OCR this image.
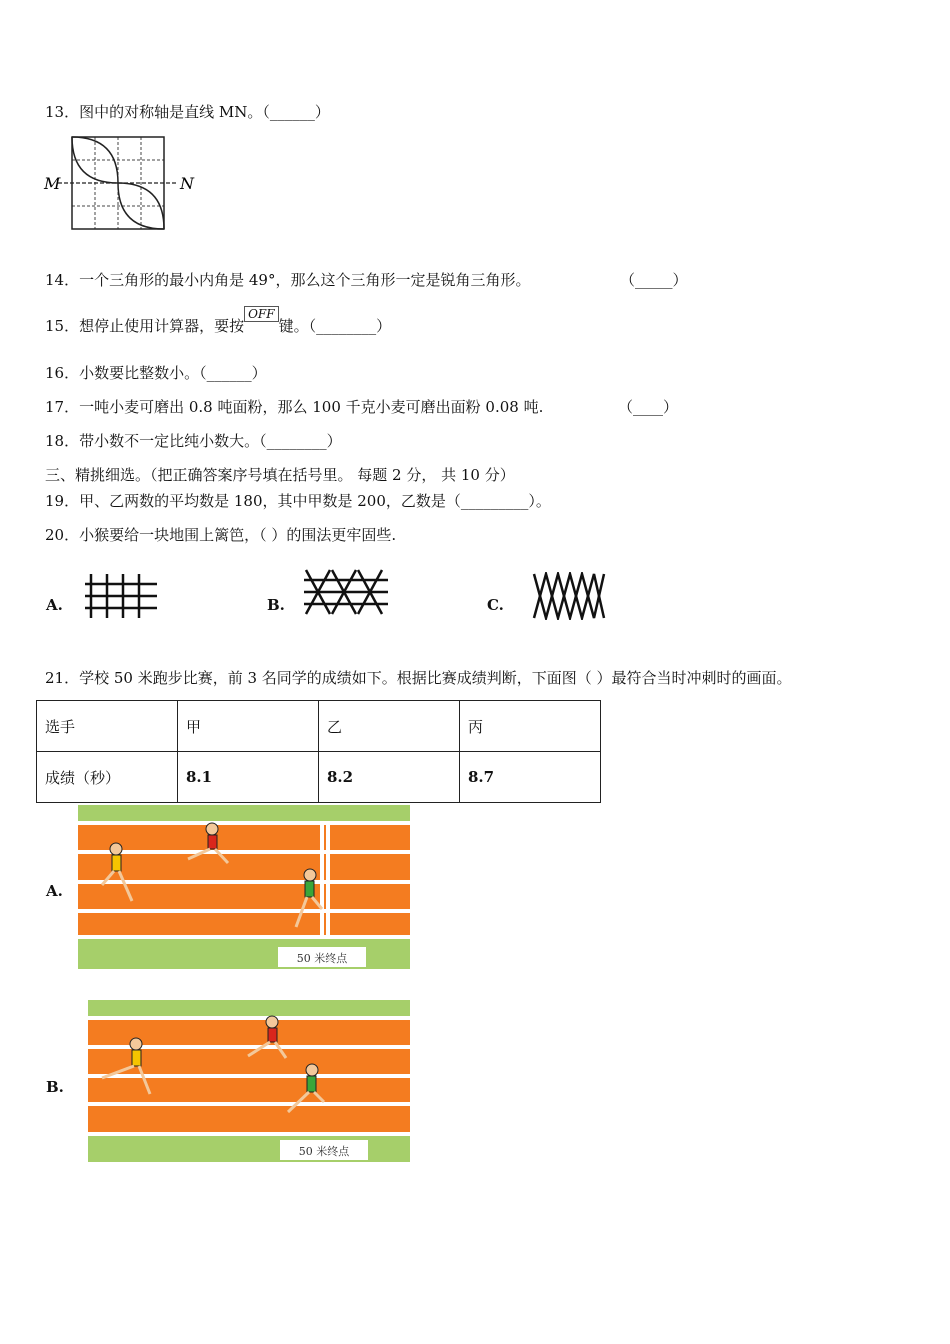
13．图中的对称轴是直线 MN。（______）
M	N
14．一个三角形的最小内角是 49°，那么这个三角形一定是锐角三角形。	（_____）
15．想停止使用计算器，要按OFF键。（________）
16．小数要比整数小。（______）
17．一吨小麦可磨出 0.8 吨面粉，那么 100 千克小麦可磨出面粉 0.08 吨.	（____）
18．带小数不一定比纯小数大。（________）
三、精挑细选。（把正确答案序号填在括号里。 每题 2 分， 共 10 分）
19．甲、乙两数的平均数是 180，其中甲数是 200，乙数是（_________）。
20．小猴要给一块地围上篱笆，（ ）的围法更牢固些.
A.	B.	C.
21．学校 50 米跑步比赛，前 3 名同学的成绩如下。根据比赛成绩判断，下面图（ ）最符合当时冲刺时的画面。
选手	甲	乙	丙
成绩（秒）	8.1	8.2	8.7
A.
50 米终点
B.
50 米终点
